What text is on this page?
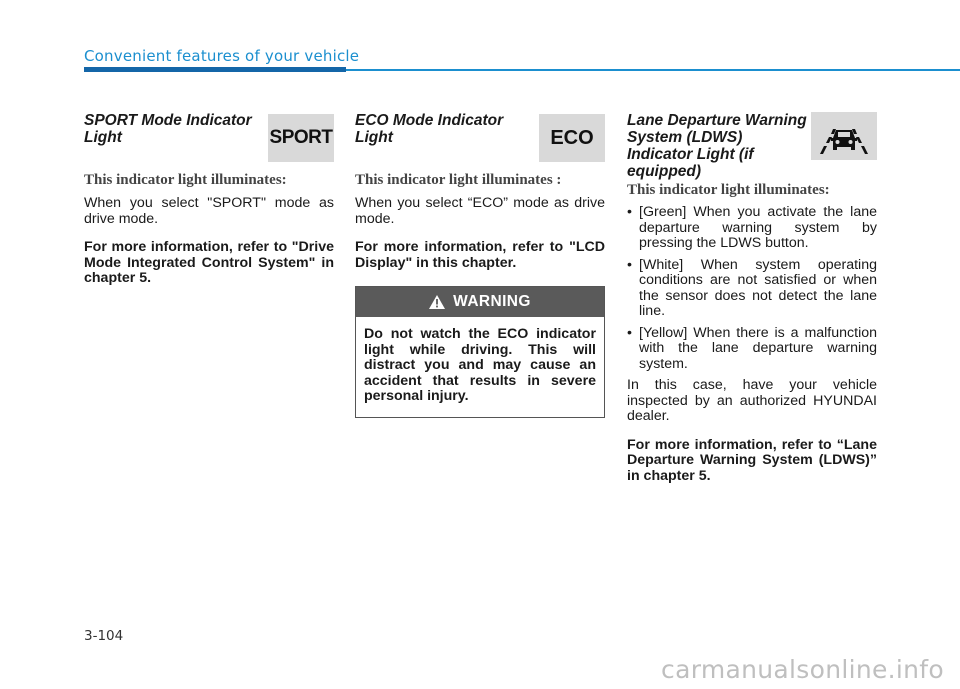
Convenient features of your vehicle
SPORT Mode Indicator Light	SPORT
This indicator light illuminates:

When you select "SPORT" mode as drive mode.

For more information, refer to "Drive Mode Integrated Control System" in chapter 5.

ECO Mode Indicator Light	ECO
This indicator light illuminates :

When you select “ECO” mode as drive mode.

For more information, refer to "LCD Display" in this chapter.

WARNING
Do not watch the ECO indicator light while driving. This will distract you and may cause an accident that results in severe personal injury.
Lane Departure Warning System (LDWS) Indicator Light (if equipped)
This indicator light illuminates:
• [Green] When you activate the lane departure warning system by pressing the LDWS button.
• [White] When system operating conditions are not satisfied or when the sensor does not detect the lane line.
• [Yellow] When there is a malfunction with the lane departure warning system.

In this case, have your vehicle inspected by an authorized HYUNDAI dealer.

For more information, refer to “Lane Departure Warning System (LDWS)” in chapter 5.

3-104
carmanualsonline.info
